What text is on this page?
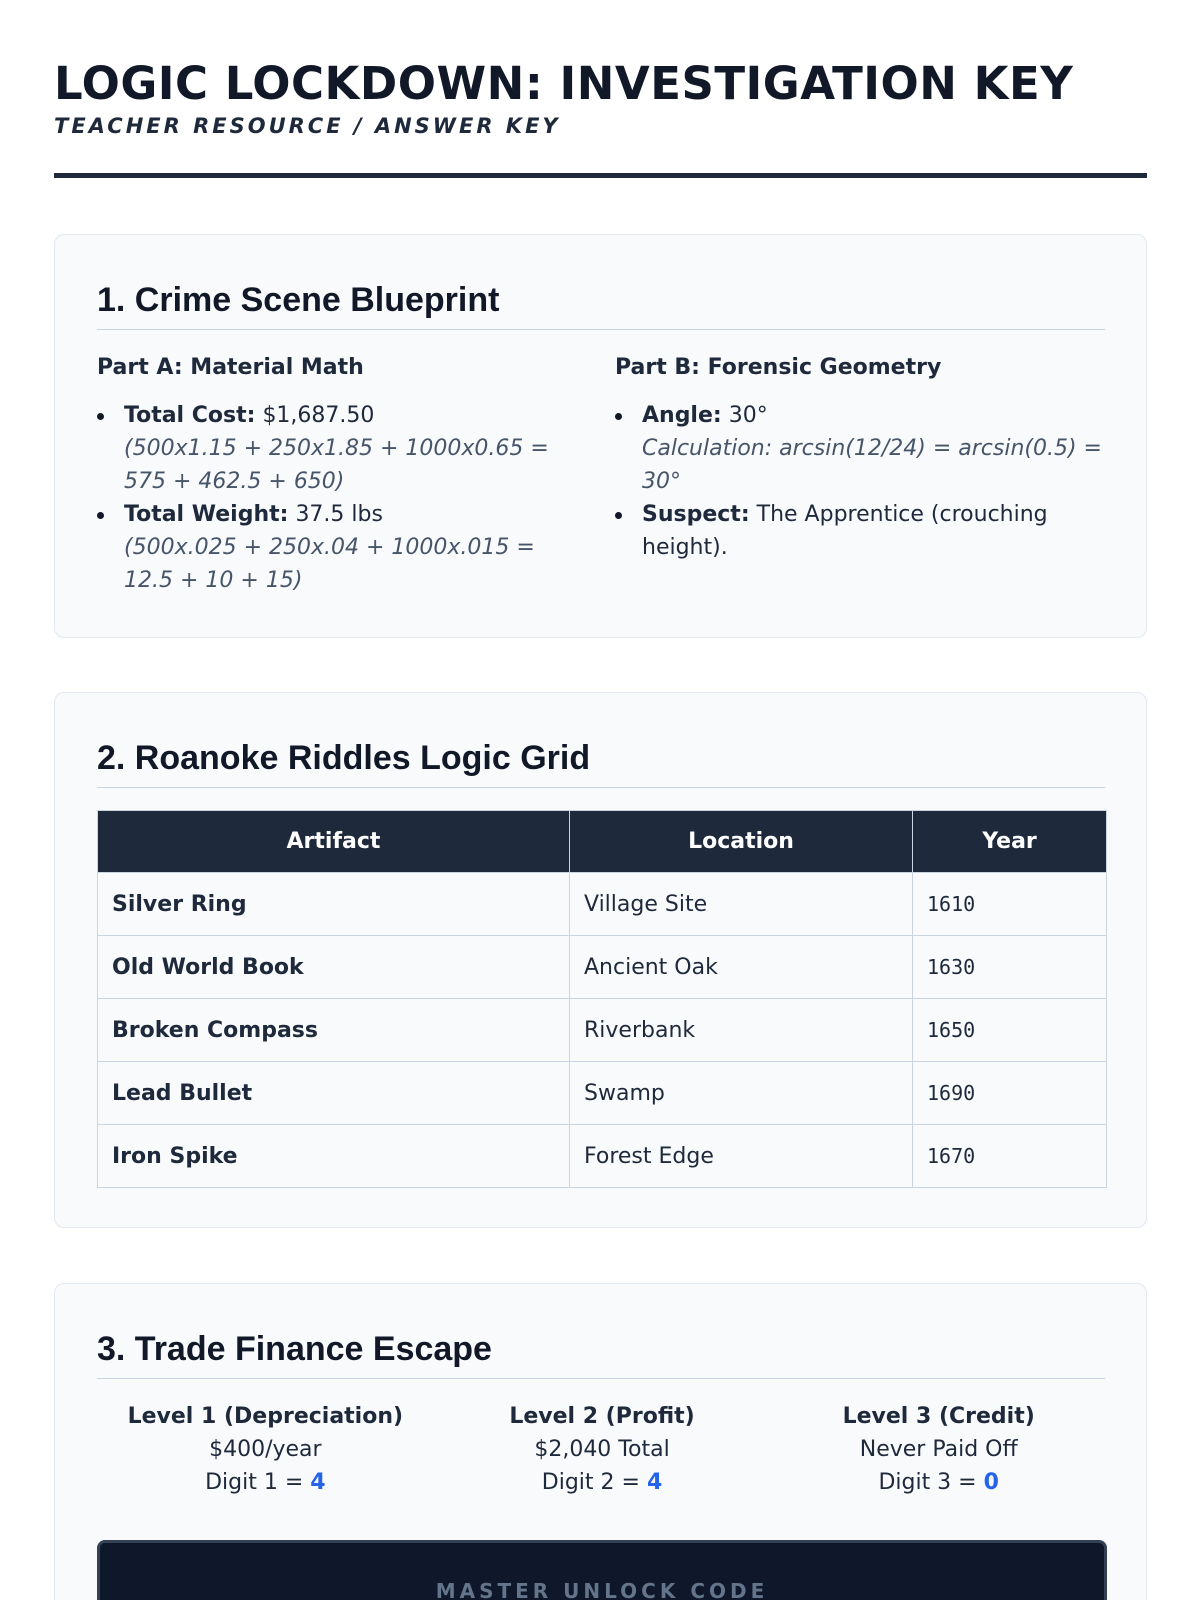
LOGIC LOCKDOWN: INVESTIGATION KEY
TEACHER RESOURCE / ANSWER KEY
1. Crime Scene Blueprint
Part A: Material Math
Total Cost: $1,687.50
(500x1.15 + 250x1.85 + 1000x0.65 = 575 + 462.5 + 650)
Total Weight: 37.5 lbs
(500x.025 + 250x.04 + 1000x.015 = 12.5 + 10 + 15)
Part B: Forensic Geometry
Angle: 30°
Calculation: arcsin(12/24) = arcsin(0.5) = 30°
Suspect: The Apprentice (crouching height).
2. Roanoke Riddles Logic Grid
Artifact	Location	Year
Silver Ring	Village Site	1610
Old World Book	Ancient Oak	1630
Broken Compass	Riverbank	1650
Lead Bullet	Swamp	1690
Iron Spike	Forest Edge	1670
3. Trade Finance Escape
Level 1 (Depreciation)
$400/year
Digit 1 = 4
Level 2 (Profit)
$2,040 Total
Digit 2 = 4
Level 3 (Credit)
Never Paid Off
Digit 3 = 0
MASTER UNLOCK CODE
